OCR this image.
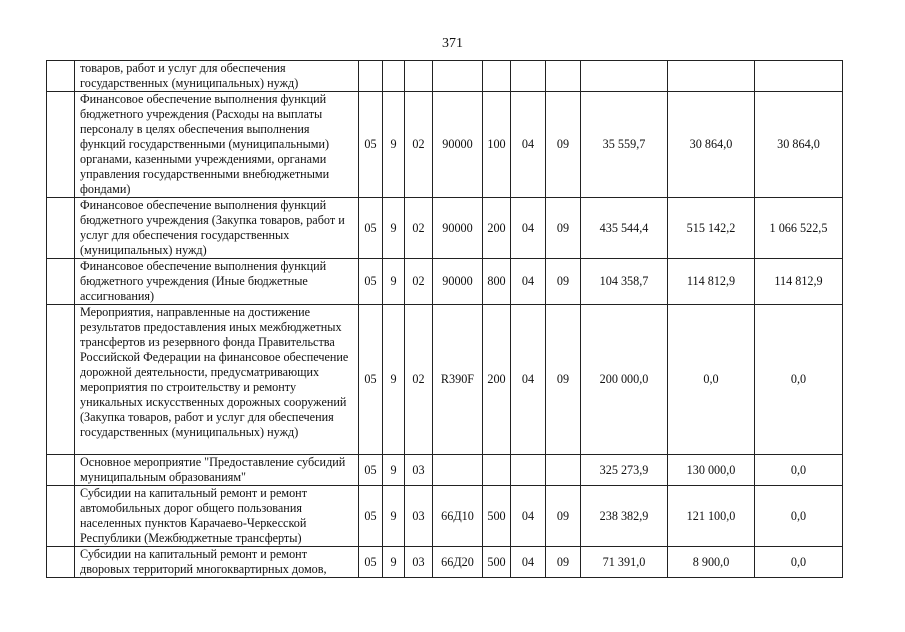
371
	товаров, работ и услуг для обеспечения государственных (муниципальных) нужд)										
	Финансовое обеспечение выполнения функций бюджетного учреждения (Расходы на выплаты персоналу в целях обеспечения выполнения функций государственными (муниципальными) органами, казенными учреждениями, органами управления государственными внебюджетными фондами)	05	9	02	90000	100	04	09	35 559,7	30 864,0	30 864,0
	Финансовое обеспечение выполнения функций бюджетного учреждения (Закупка товаров, работ и услуг для обеспечения государственных (муниципальных) нужд)	05	9	02	90000	200	04	09	435 544,4	515 142,2	1 066 522,5
	Финансовое обеспечение выполнения функций бюджетного учреждения (Иные бюджетные ассигнования)	05	9	02	90000	800	04	09	104 358,7	114 812,9	114 812,9
	Мероприятия, направленные на достижение результатов предоставления иных межбюджетных трансфертов из резервного фонда Правительства Российской Федерации на финансовое обеспечение дорожной деятельности, предусматривающих мероприятия по строительству и ремонту уникальных искусственных дорожных сооружений (Закупка товаров, работ и услуг для обеспечения государственных (муниципальных) нужд)	05	9	02	R390F	200	04	09	200 000,0	0,0	0,0
	Основное мероприятие "Предоставление субсидий муниципальным образованиям"	05	9	03					325 273,9	130 000,0	0,0
	Субсидии на капитальный ремонт и ремонт автомобильных дорог общего пользования населенных пунктов Карачаево-Черкесской Республики (Межбюджетные трансферты)	05	9	03	66Д10	500	04	09	238 382,9	121 100,0	0,0
	Субсидии на капитальный ремонт и ремонт дворовых территорий многоквартирных домов,	05	9	03	66Д20	500	04	09	71 391,0	8 900,0	0,0
